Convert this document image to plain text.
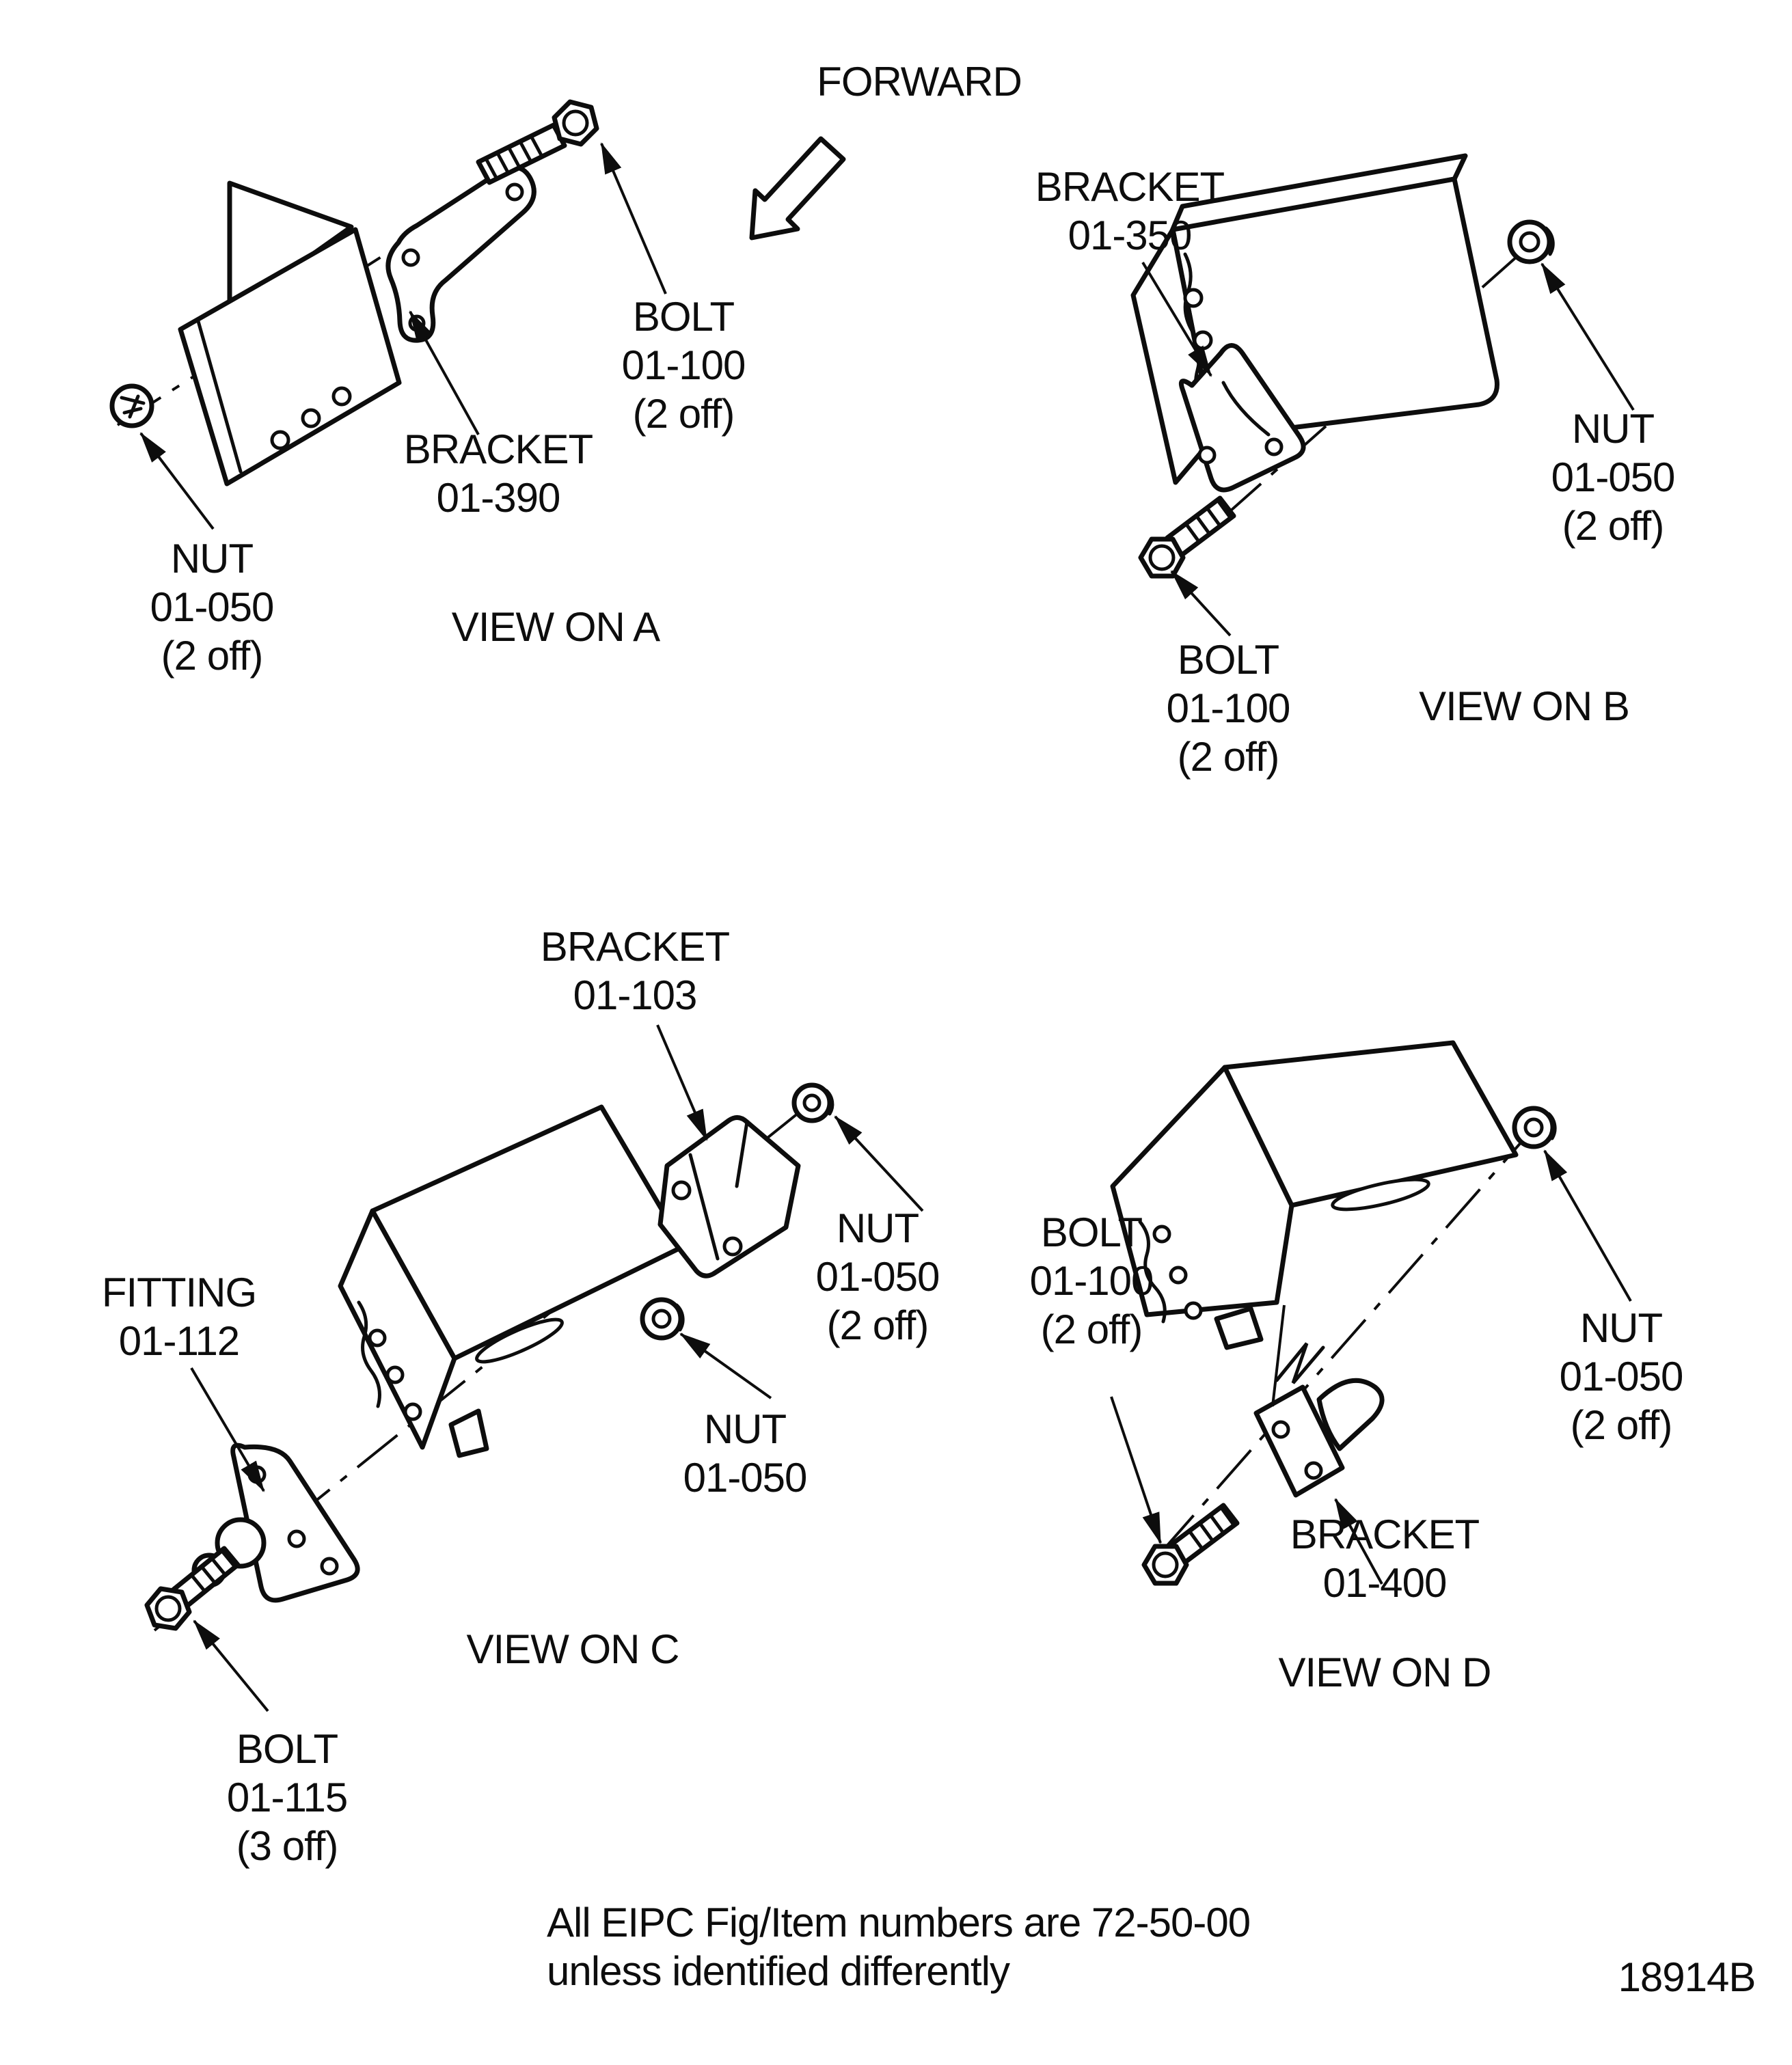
FORWARD
BOLT
01-100
(2 off)
BRACKET
01-390
NUT
01-050
(2 off)
VIEW ON A
BRACKET
01-350
NUT
01-050
(2 off)
BOLT
01-100
(2 off)
VIEW ON B
BRACKET
01-103
FITTING
01-112
NUT
01-050
(2 off)
NUT
01-050
BOLT
01-115
(3 off)
VIEW ON C
BOLT
01-100
(2 off)	NUT
01-050
(2 off)
BRACKET
01-400
VIEW ON D
All EIPC Fig/Item numbers are 72-50-00
unless identified differently	18914B
